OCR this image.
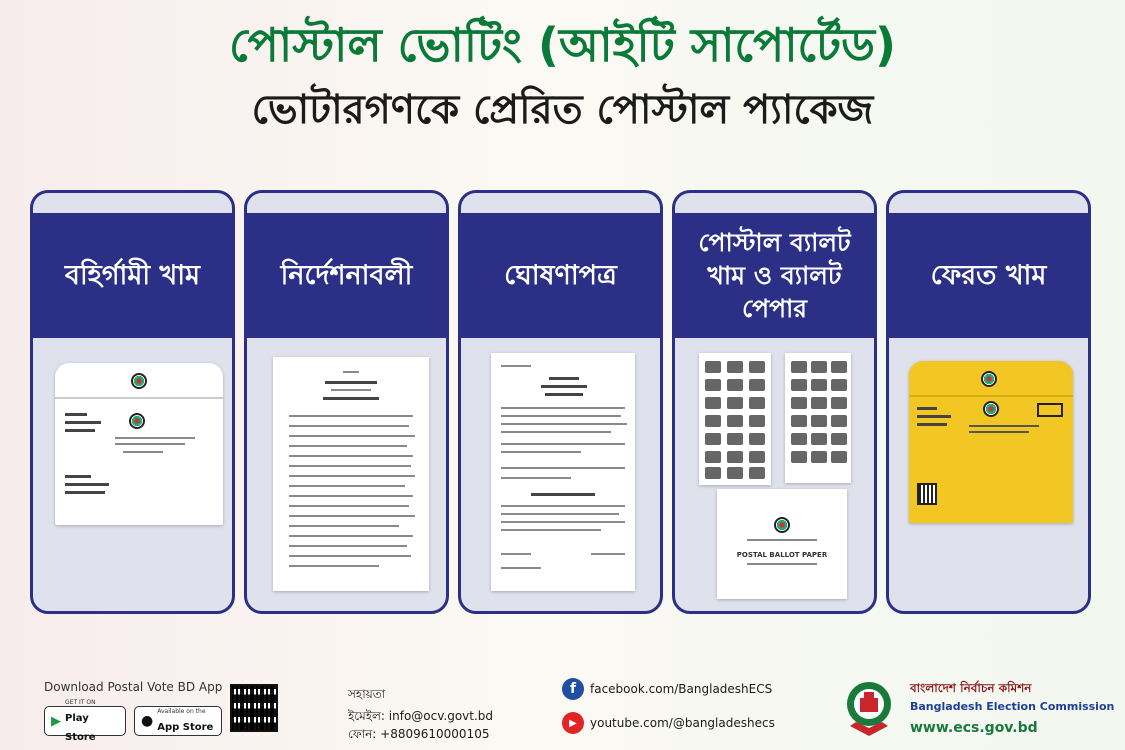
পোস্টাল ভোটিং (আইটি সাপোর্টেড)
ভোটারগণকে প্রেরিত পোস্টাল প্যাকেজ
বহির্গামী খাম	নির্দেশনাবলী	ঘোষণাপত্র
পোস্টাল ব্যালট খাম ও ব্যালট পেপার
POSTAL BALLOT PAPER
ফেরত খাম
Download Postal Vote BD App
▶
GET IT ON
Play Store
●
Available on the
App Store
সহায়তা
ইমেইল: info@ocv.govt.bd
ফোন: +8809610000105
f	facebook.com/BangladeshECS
▶	youtube.com/@bangladeshecs
বাংলাদেশ নির্বাচন কমিশন
Bangladesh Election Commission
www.ecs.gov.bd
